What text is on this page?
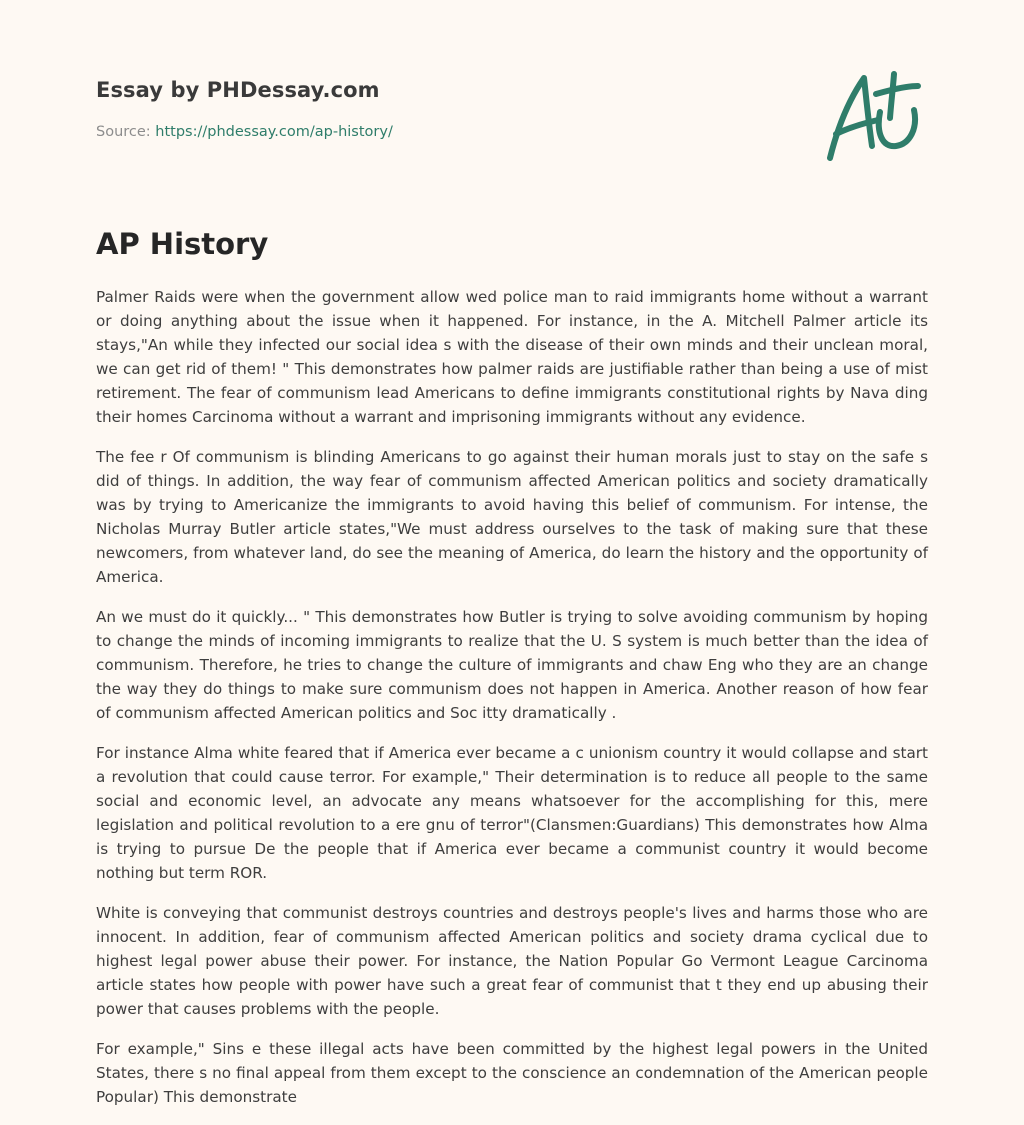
Essay by PHDessay.com
Source: https://phdessay.com/ap-history/
AP History

Palmer Raids were when the government allow wed police man to raid immigrants home without a warrant or doing anything about the issue when it happened. For instance, in the A. Mitchell Palmer article its stays,"An while they infected our social idea s with the disease of their own minds and their unclean moral, we can get rid of them! " This demonstrates how palmer raids are justifiable rather than being a use of mist retirement. The fear of communism lead Americans to define immigrants constitutional rights by Nava ding their homes Carcinoma without a warrant and imprisoning immigrants without any evidence.

The fee r Of communism is blinding Americans to go against their human morals just to stay on the safe s did of things. In addition, the way fear of communism affected American politics and society dramatically was by trying to Americanize the immigrants to avoid having this belief of communism. For intense, the Nicholas Murray Butler article states,"We must address ourselves to the task of making sure that these newcomers, from whatever land, do see the meaning of America, do learn the history and the opportunity of America.

An we must do it quickly... " This demonstrates how Butler is trying to solve avoiding communism by hoping to change the minds of incoming immigrants to realize that the U. S system is much better than the idea of communism. Therefore, he tries to change the culture of immigrants and chaw Eng who they are an change the way they do things to make sure communism does not happen in America. Another reason of how fear of communism affected American politics and Soc itty dramatically .

For instance Alma white feared that if America ever became a c unionism country it would collapse and start a revolution that could cause terror. For example," Their determination is to reduce all people to the same social and economic level, an advocate any means whatsoever for the accomplishing for this, mere legislation and political revolution to a ere gnu of terror"(Clansmen:Guardians) This demonstrates how Alma is trying to pursue De the people that if America ever became a communist country it would become nothing but term ROR.

White is conveying that communist destroys countries and destroys people's lives and harms those who are innocent. In addition, fear of communism affected American politics and society drama cyclical due to highest legal power abuse their power. For instance, the Nation Popular Go Vermont League Carcinoma article states how people with power have such a great fear of communist that t they end up abusing their power that causes problems with the people.

For example," Sins e these illegal acts have been committed by the highest legal powers in the United States, there s no final appeal from them except to the conscience an condemnation of the American people Popular) This demonstrate
